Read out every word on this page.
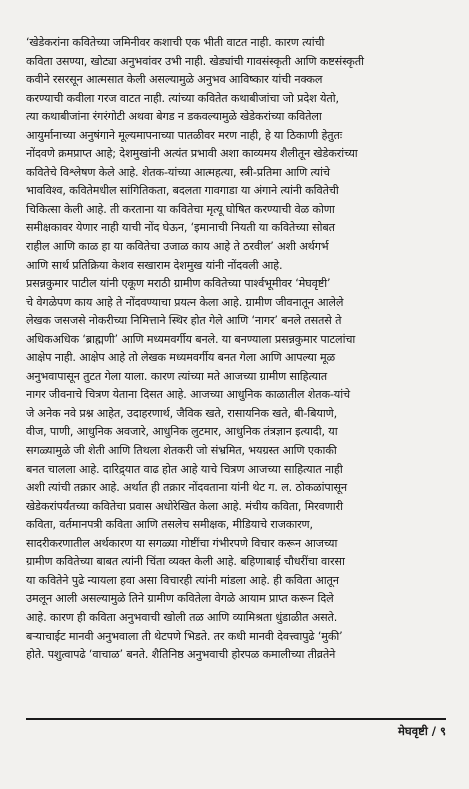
‘खेडेकरांना कवितेच्या जमिनीवर कशाची एक भीती वाटत नाही. कारण त्यांची
कविता उसण्या, खोट्या अनुभवांवर उभी नाही. खेड्यांची गावसंस्कृती आणि कष्टसंस्कृती
कवीने रसरसून आत्मसात केली असल्यामुळे अनुभव आविष्कार यांची नक्कल
करण्याची कवीला गरज वाटत नाही. त्यांच्या कवितेत कथाबीजांचा जो प्रदेश येतो,
त्या कथाबीजांना रंगरंगोटी अथवा बेगड न डकवल्यामुळे खेडेकरांच्या कवितेला
आयुर्मानाच्या अनुषंगाने मूल्यमापनाच्या पातळीवर मरण नाही, हे या ठिकाणी हेतुतः
नोंदवणे क्रमप्राप्त आहे; देशमुखांनी अत्यंत प्रभावी अशा काव्यमय शैलीतून खेडेकरांच्या
कवितेचे विश्लेषण केले आहे. शेतक-यांच्या आत्महत्या, स्त्री-प्रतिमा आणि त्यांचे
भावविश्व, कवितेमधील सांगितिकता, बदलता गावगाडा या अंगाने त्यांनी कवितेची
चिकित्सा केली आहे. ती करताना या कवितेचा मृत्यू घोषित करण्याची वेळ कोणा
समीक्षकावर येणार नाही याची नोंद घेऊन, ‘इमानाची नियती या कवितेच्या सोबत
राहील आणि काळ हा या कवितेचा उजाळ काय आहे ते ठरवील’ अशी अर्थगर्भ
आणि सार्थ प्रतिक्रिया केशव सखाराम देशमुख यांनी नोंदवली आहे.
प्रसन्नकुमार पाटील यांनी एकूण मराठी ग्रामीण कवितेच्या पार्श्वभूमीवर ‘मेघवृष्टी’
चे वेगळेपण काय आहे ते नोंदवण्याचा प्रयत्न केला आहे. ग्रामीण जीवनातून आलेले
लेखक जसजसे नोकरीच्या निमित्ताने स्थिर होत गेले आणि ‘नागर’ बनले तसतसे ते
अधिकअधिक ‘ब्राह्मणी’ आणि मध्यमवर्गीय बनले. या बनण्याला प्रसन्नकुमार पाटलांचा
आक्षेप नाही. आक्षेप आहे तो लेखक मध्यमवर्गीय बनत गेला आणि आपल्या मूळ
अनुभवापासून तुटत गेला याला. कारण त्यांच्या मते आजच्या ग्रामीण साहित्यात
नागर जीवनाचे चित्रण येताना दिसत आहे. आजच्या आधुनिक काळातील शेतक-यांचे
जे अनेक नवे प्रश्न आहेत, उदाहरणार्थ, जैविक खते, रासायनिक खते, बी-बियाणे,
वीज, पाणी, आधुनिक अवजारे, आधुनिक लुटमार, आधुनिक तंत्रज्ञान इत्यादी, या
सगळ्यामुळे जी शेती आणि तिथला शेतकरी जो संभ्रमित, भयग्रस्त आणि एकाकी
बनत चालला आहे. दारिद्र्यात वाढ होत आहे याचे चित्रण आजच्या साहित्यात नाही
अशी त्यांची तक्रार आहे. अर्थात ही तक्रार नोंदवताना यांनी थेट ग. ल. ठोकळांपासून
खेडेकरांपर्यंतच्या कवितेचा प्रवास अधोरेखित केला आहे. मंचीय कविता, मिरवणारी
कविता, वर्तमानपत्री कविता आणि तसलेच समीक्षक, मीडियाचे राजकारण,
सादरीकरणातील अर्थकारण या सगळ्या गोष्टींचा गंभीरपणे विचार करून आजच्या
ग्रामीण कवितेच्या बाबत त्यांनी चिंता व्यक्त केली आहे. बहिणाबाई चौधरींचा वारसा
या कवितेने पुढे न्यायला हवा असा विचारही त्यांनी मांडला आहे. ही कविता आतून
उमलून आली असल्यामुळे तिने ग्रामीण कवितेला वेगळे आयाम प्राप्त करून दिले
आहे. कारण ही कविता अनुभवाची खोली तळ आणि व्यामिश्रता धुंडाळीत असते.
बऱ्याचाईट मानवी अनुभवाला ती थेटपणे भिडते. तर कधी मानवी देवत्त्वापुढे ‘मुकी’
होते. पशुत्वापढे ‘वाचाळ’ बनते. शैतिनिष्ठ अनुभवाची होरपळ कमालीच्या तीव्रतेने
मेघवृष्टी / ९
